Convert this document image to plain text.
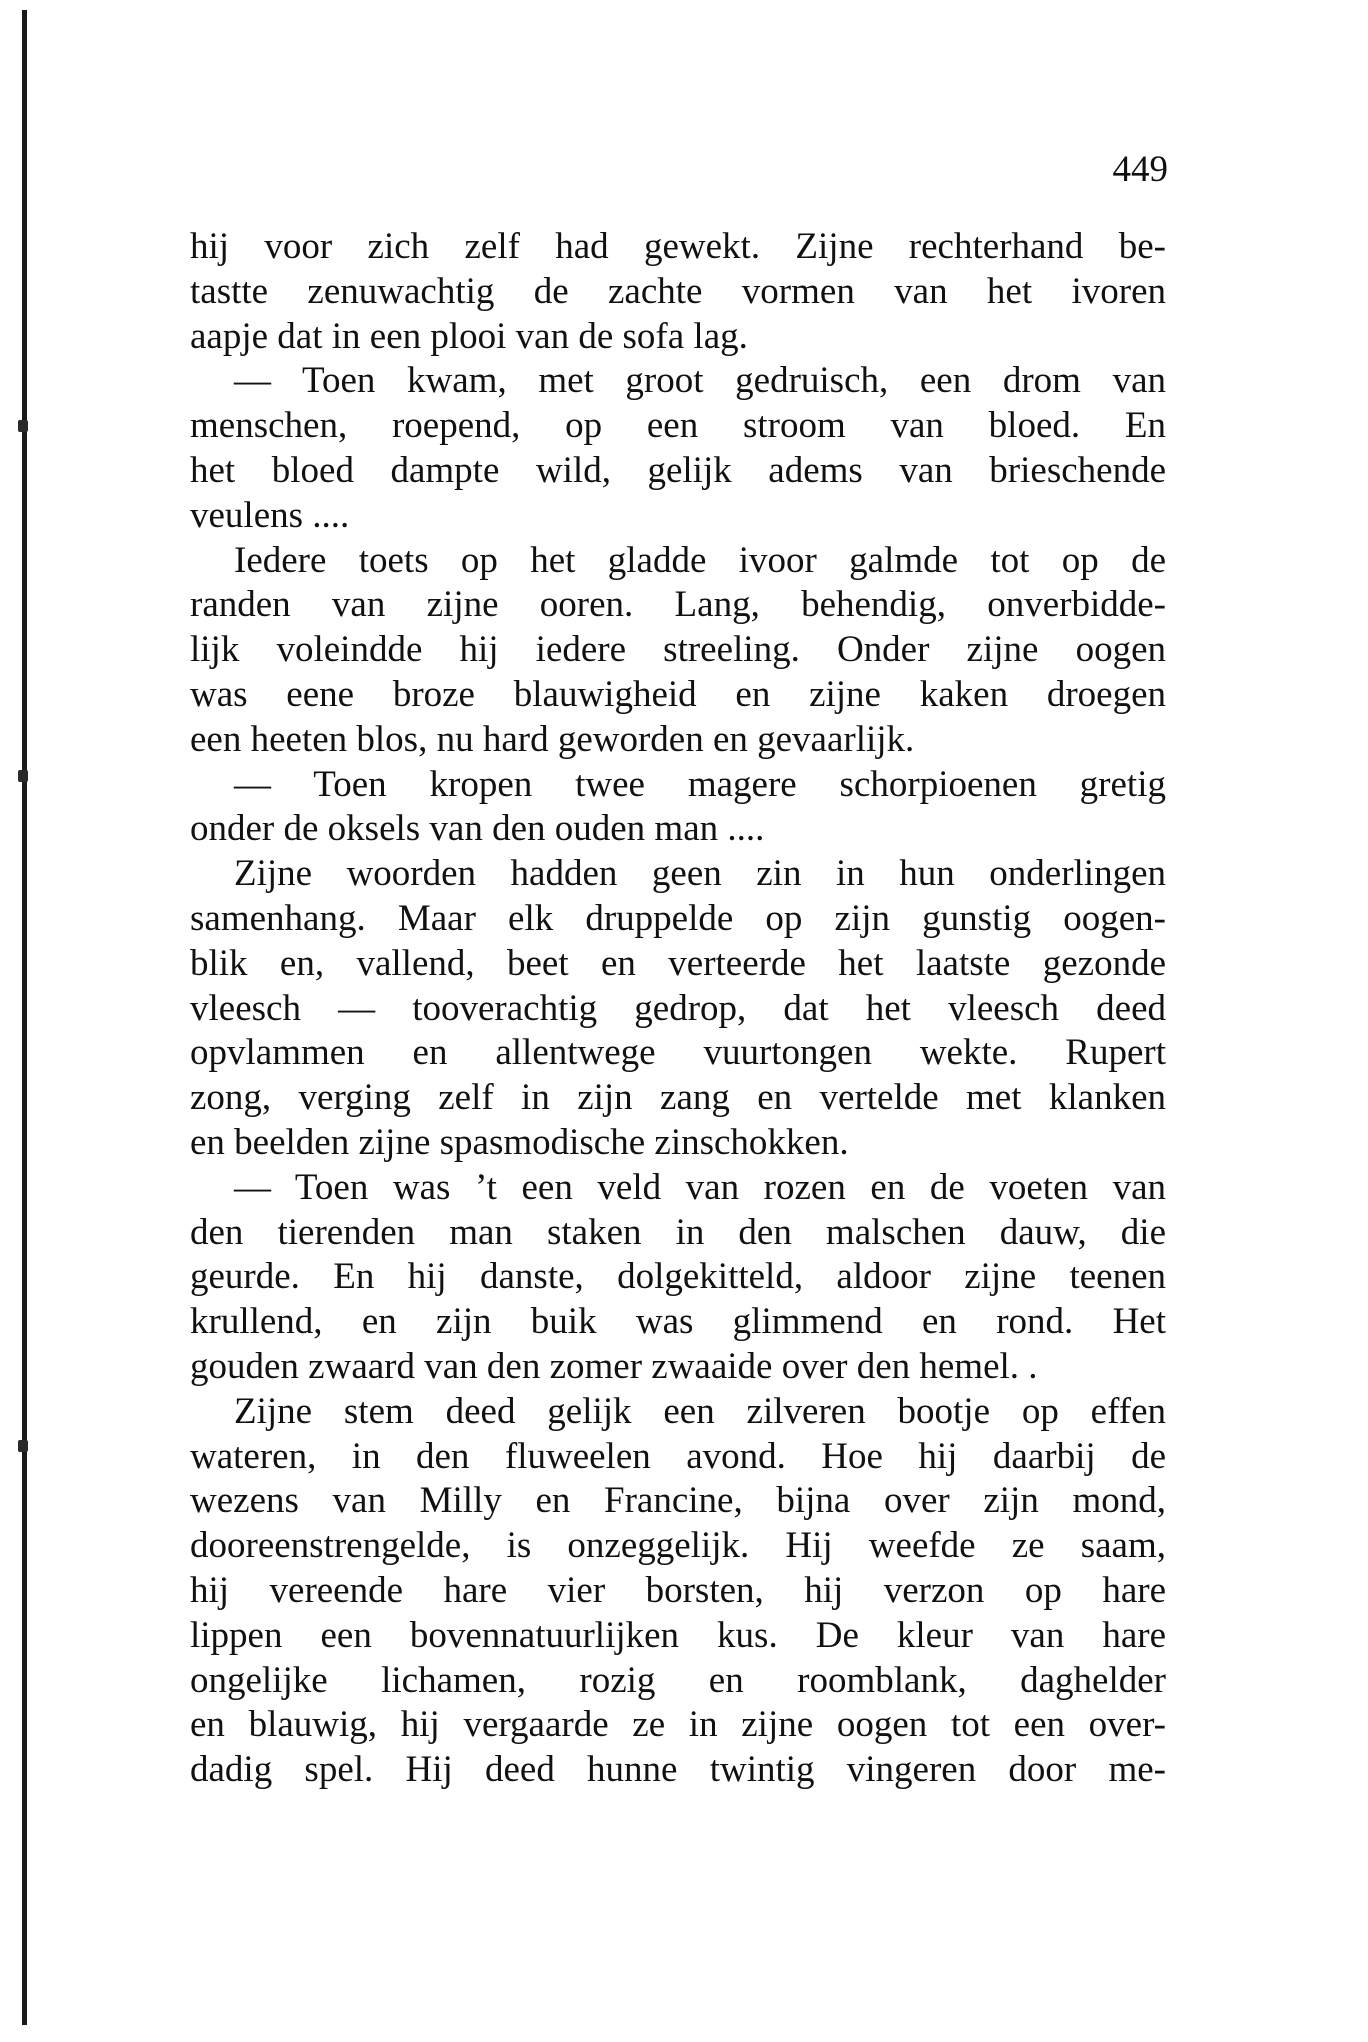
449
hij voor zich zelf had gewekt. Zijne rechterhand be-
tastte zenuwachtig de zachte vormen van het ivoren
aapje dat in een plooi van de sofa lag.
— Toen kwam, met groot gedruisch, een drom van
menschen, roepend, op een stroom van bloed. En
het bloed dampte wild, gelijk adems van brieschende
veulens ....
Iedere toets op het gladde ivoor galmde tot op de
randen van zijne ooren. Lang, behendig, onverbidde-
lijk voleindde hij iedere streeling. Onder zijne oogen
was eene broze blauwigheid en zijne kaken droegen
een heeten blos, nu hard geworden en gevaarlijk.
— Toen kropen twee magere schorpioenen gretig
onder de oksels van den ouden man ....
Zijne woorden hadden geen zin in hun onderlingen
samenhang. Maar elk druppelde op zijn gunstig oogen-
blik en, vallend, beet en verteerde het laatste gezonde
vleesch — tooverachtig gedrop, dat het vleesch deed
opvlammen en allentwege vuurtongen wekte. Rupert
zong, verging zelf in zijn zang en vertelde met klanken
en beelden zijne spasmodische zinschokken.
— Toen was ’t een veld van rozen en de voeten van
den tierenden man staken in den malschen dauw, die
geurde. En hij danste, dolgekitteld, aldoor zijne teenen
krullend, en zijn buik was glimmend en rond. Het
gouden zwaard van den zomer zwaaide over den hemel. .
Zijne stem deed gelijk een zilveren bootje op effen
wateren, in den fluweelen avond. Hoe hij daarbij de
wezens van Milly en Francine, bijna over zijn mond,
dooreenstrengelde, is onzeggelijk. Hij weefde ze saam,
hij vereende hare vier borsten, hij verzon op hare
lippen een bovennatuurlijken kus. De kleur van hare
ongelijke lichamen, rozig en roomblank, daghelder
en blauwig, hij vergaarde ze in zijne oogen tot een over-
dadig spel. Hij deed hunne twintig vingeren door me-
